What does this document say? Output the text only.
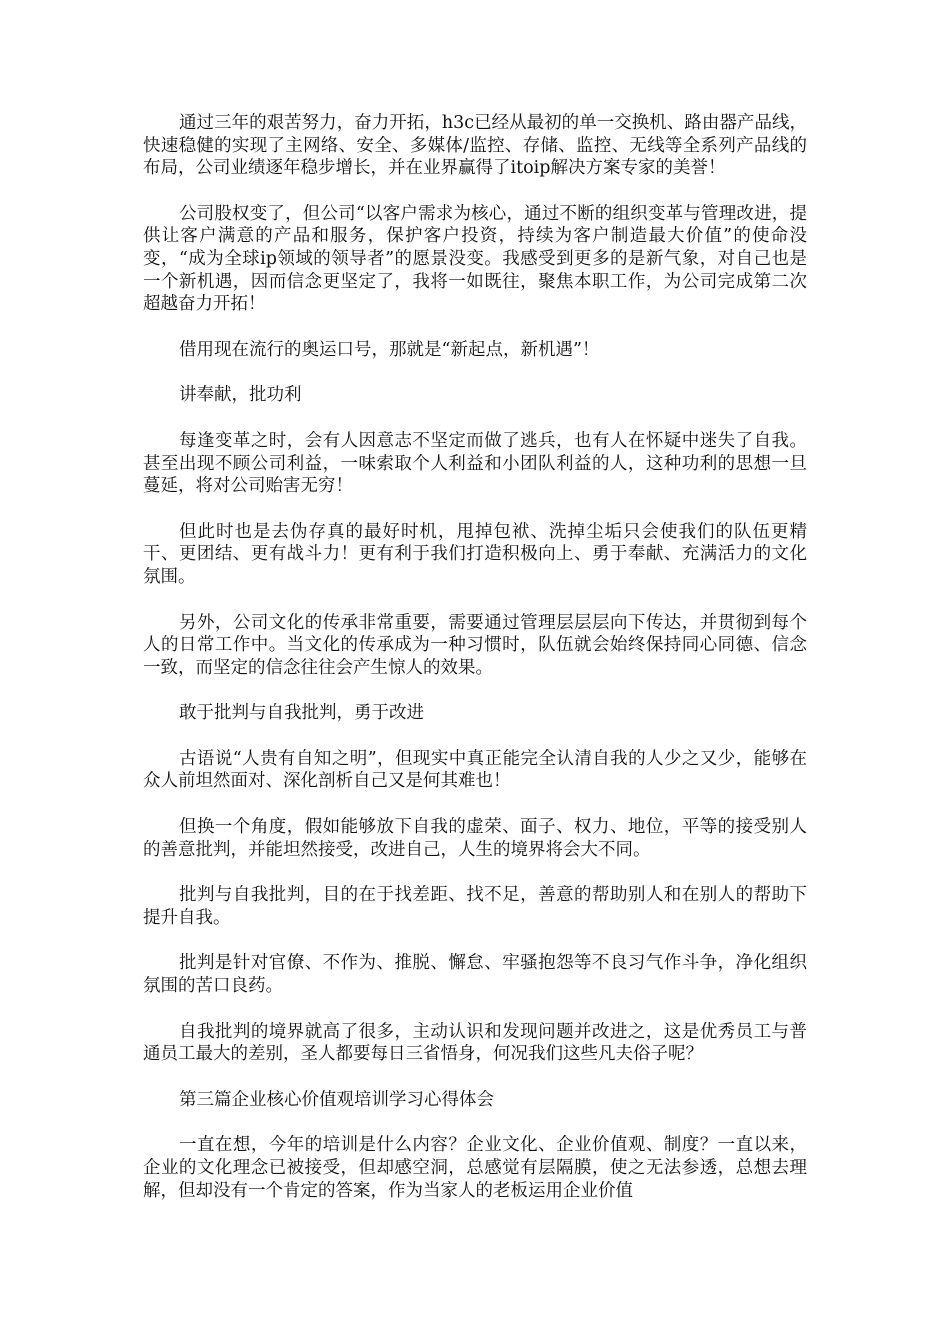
通过三年的艰苦努力，奋力开拓，h3c已经从最初的单一交换机、路由器产品线，快速稳健的实现了主网络、安全、多媒体/监控、存储、监控、无线等全系列产品线的布局，公司业绩逐年稳步增长，并在业界赢得了itoip解决方案专家的美誉！

公司股权变了，但公司“以客户需求为核心，通过不断的组织变革与管理改进，提供让客户满意的产品和服务，保护客户投资，持续为客户制造最大价值”的使命没变，“成为全球ip领域的领导者”的愿景没变。我感受到更多的是新气象，对自己也是一个新机遇，因而信念更坚定了，我将一如既往，聚焦本职工作，为公司完成第二次超越奋力开拓！

借用现在流行的奥运口号，那就是“新起点，新机遇”！

讲奉献，批功利

每逢变革之时，会有人因意志不坚定而做了逃兵，也有人在怀疑中迷失了自我。甚至出现不顾公司利益，一味索取个人利益和小团队利益的人，这种功利的思想一旦蔓延，将对公司贻害无穷！

但此时也是去伪存真的最好时机，甩掉包袱、洗掉尘垢只会使我们的队伍更精干、更团结、更有战斗力！更有利于我们打造积极向上、勇于奉献、充满活力的文化氛围。

另外，公司文化的传承非常重要，需要通过管理层层层向下传达，并贯彻到每个人的日常工作中。当文化的传承成为一种习惯时，队伍就会始终保持同心同德、信念一致，而坚定的信念往往会产生惊人的效果。

敢于批判与自我批判，勇于改进

古语说“人贵有自知之明”，但现实中真正能完全认清自我的人少之又少，能够在众人前坦然面对、深化剖析自己又是何其难也！

但换一个角度，假如能够放下自我的虚荣、面子、权力、地位，平等的接受别人的善意批判，并能坦然接受，改进自己，人生的境界将会大不同。

批判与自我批判，目的在于找差距、找不足，善意的帮助别人和在别人的帮助下提升自我。

批判是针对官僚、不作为、推脱、懈怠、牢骚抱怨等不良习气作斗争，净化组织氛围的苦口良药。

自我批判的境界就高了很多，主动认识和发现问题并改进之，这是优秀员工与普通员工最大的差别，圣人都要每日三省悟身，何况我们这些凡夫俗子呢？

第三篇企业核心价值观培训学习心得体会

一直在想，今年的培训是什么内容？企业文化、企业价值观、制度？一直以来，企业的文化理念已被接受，但却感空洞，总感觉有层隔膜，使之无法参透，总想去理解，但却没有一个肯定的答案，作为当家人的老板运用企业价值
